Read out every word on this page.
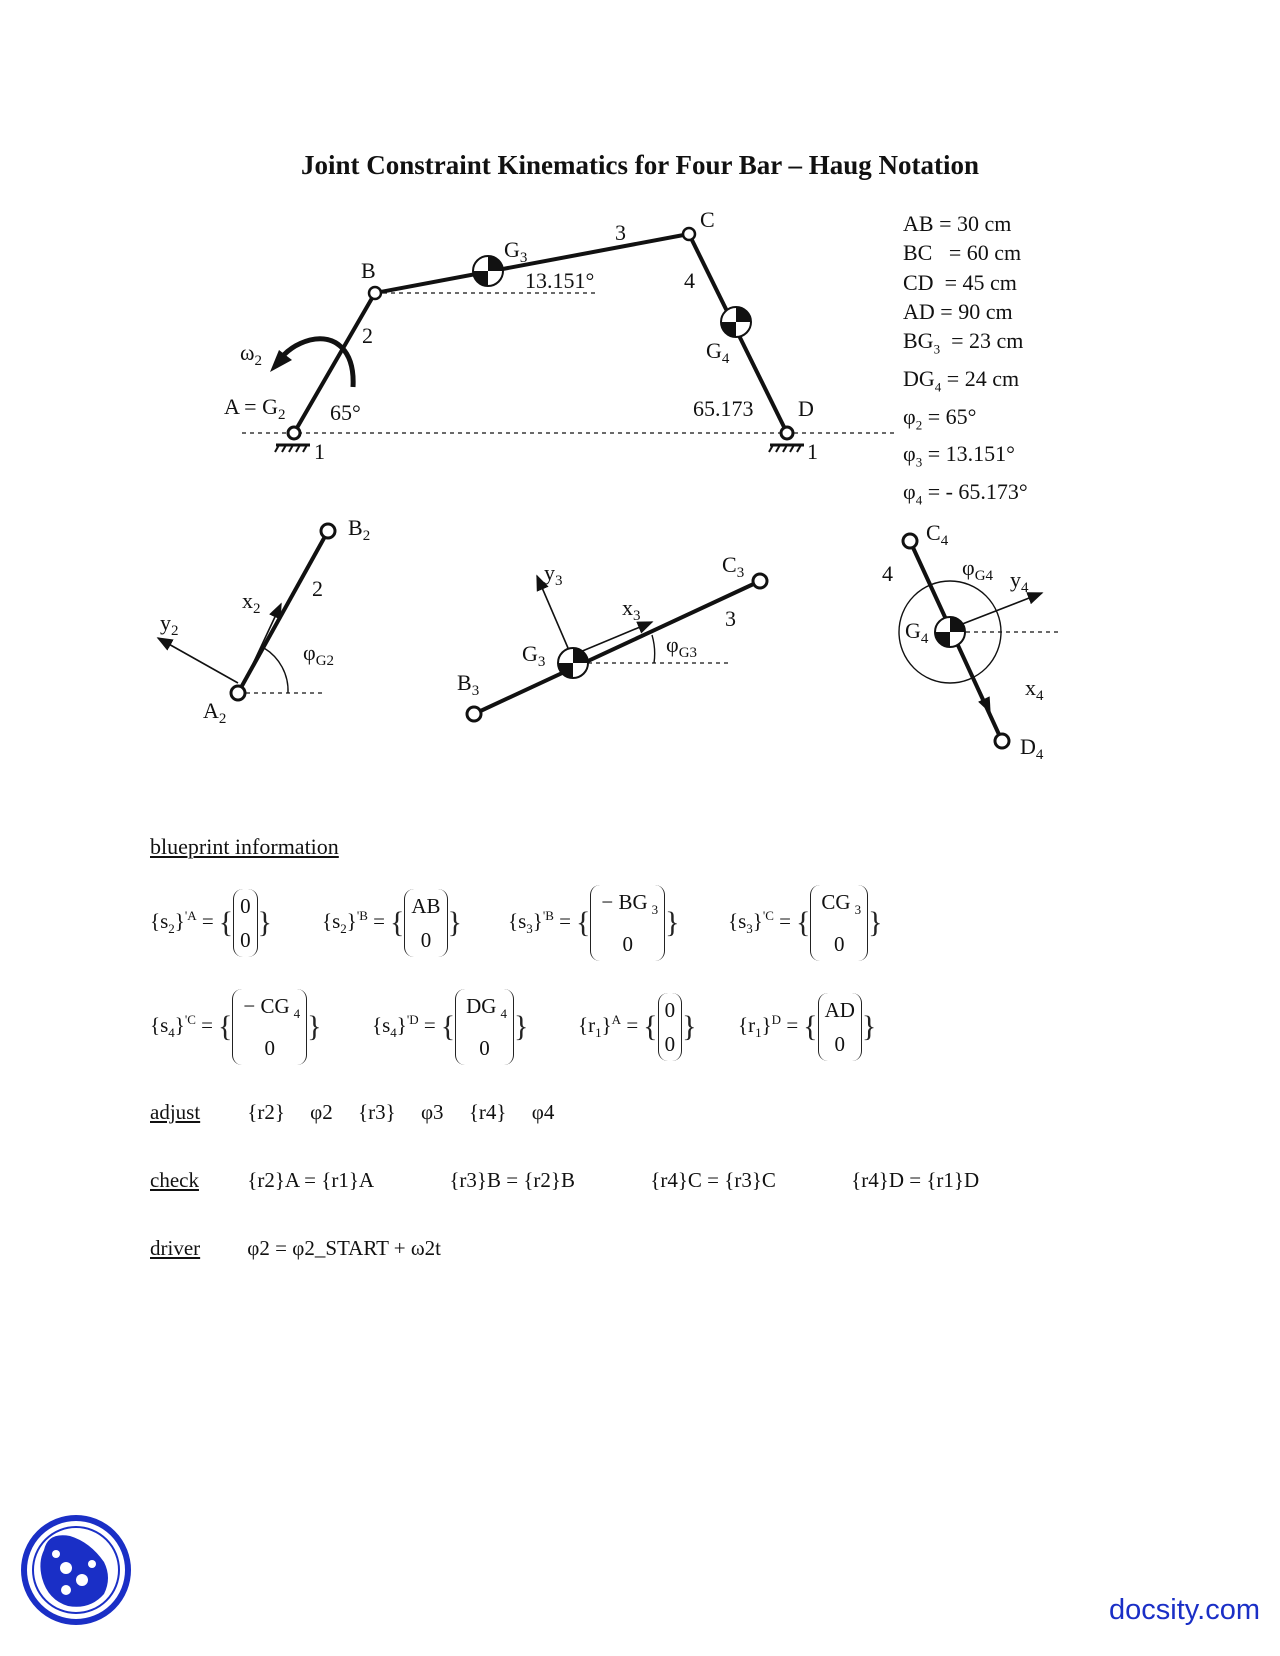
Joint Constraint Kinematics for Four Bar – Haug Notation
B
C
D
$A = G_2$
$G_3$
$G_4$
2
3
4
1	1
13.151°
65°	65.173
$\omega_2$
$B_2$
$A_2$
$x_2$
$y_2$
2
$\varphi_{G2}$
$C_3$
$B_3$
$G_3$
$x_3$
$y_3$
3
$\varphi_{G3}$
$C_4$
$D_4$
$G_4$
$x_4$
$y_4$
4	$\varphi_{G4}$
AB = 30 cm
BC   = 60 cm
CD  = 45 cm
AD = 90 cm
$BG_3 = 23$ cm
$DG_4 = 24$ cm
$\varphi_2 = 65^\circ$
$\varphi_3 = 13.151^\circ$
$\varphi_4$ = - 65.173°
blueprint information
$\{s_2\}^{'A}$ = { 0
0
} $\{s_2\}^{'B}$ = { AB
0
} $\{s_3\}^{'B}$ = {
− BG $_3$
0
} $\{s_3\}^{'C}$ = {
CG $_3$
0
}
$\{s_4\}^{'C}$ = {
− CG $_4$
0
} $\{s_4\}^{'D}$ = {
DG $_4$
0
} $\{r_1\}^A$ = { 0
0
} $\{r_1\}^D$ = { AD
0
}
adjust {r2} φ2 {r3} φ3 {r4} φ4
check {r2}A = {r1}A	{r3}B = {r2}B	{r4}C = {r3}C	{r4}D = {r1}D
driver φ2 = φ2_START + ω2t
docsity.com
